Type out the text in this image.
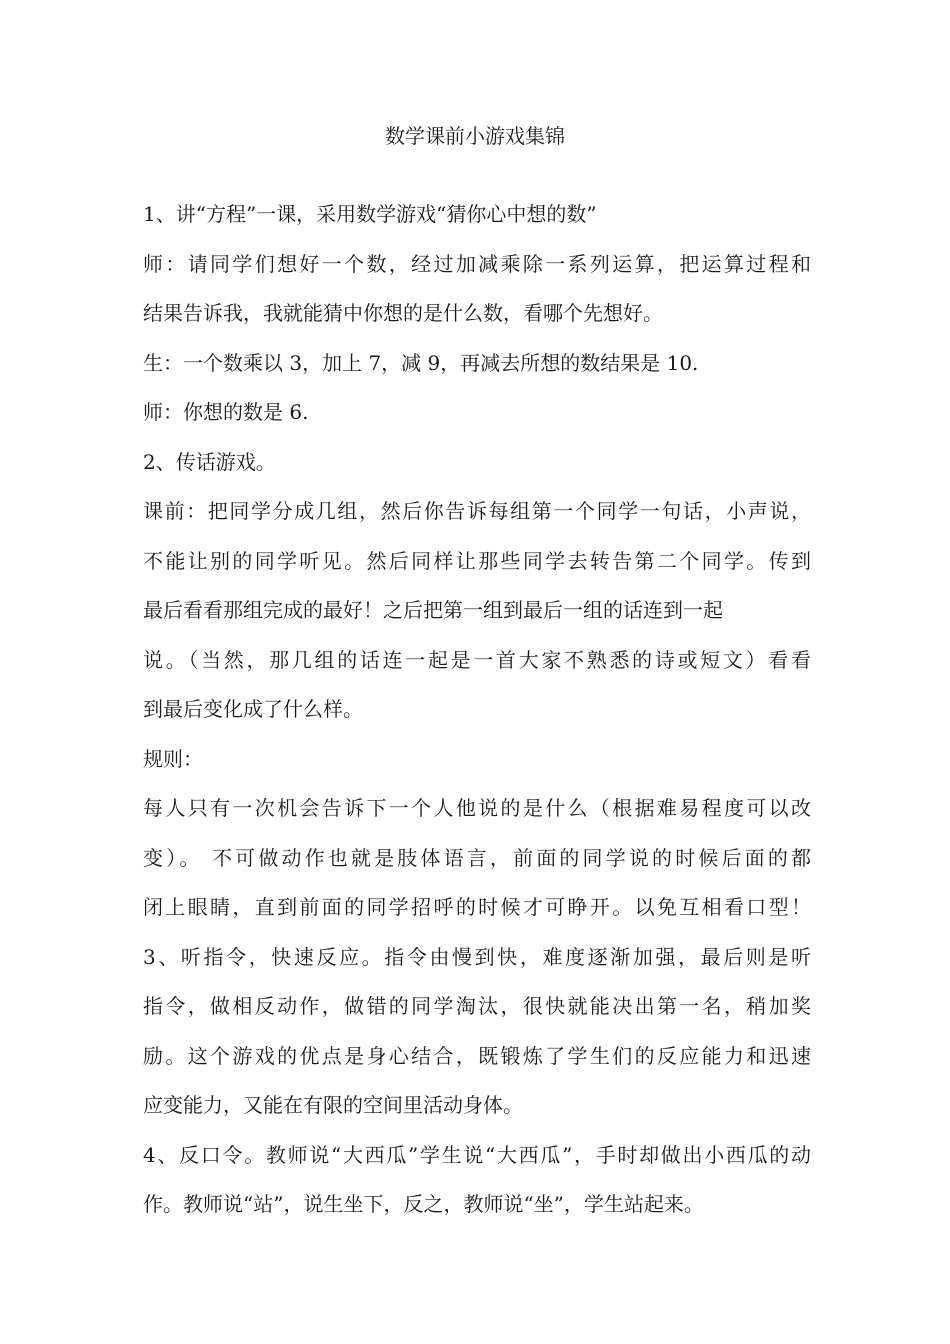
数学课前小游戏集锦
1、讲“方程”一课，采用数学游戏“猜你心中想的数”
师：请同学们想好一个数，经过加减乘除一系列运算，把运算过程和
结果告诉我，我就能猜中你想的是什么数，看哪个先想好。
生：一个数乘以 3，加上 7，减 9，再减去所想的数结果是 10.
师：你想的数是 6.
2、传话游戏。
课前：把同学分成几组，然后你告诉每组第一个同学一句话，小声说，
不能让别的同学听见。然后同样让那些同学去转告第二个同学。传到
最后看看那组完成的最好！之后把第一组到最后一组的话连到一起
说。（当然，那几组的话连一起是一首大家不熟悉的诗或短文）看看
到最后变化成了什么样。
规则：
每人只有一次机会告诉下一个人他说的是什么（根据难易程度可以改
变）。 不可做动作也就是肢体语言，前面的同学说的时候后面的都
闭上眼睛，直到前面的同学招呼的时候才可睁开。以免互相看口型！
3、听指令，快速反应。指令由慢到快，难度逐渐加强，最后则是听
指令，做相反动作，做错的同学淘汰，很快就能决出第一名，稍加奖
励。这个游戏的优点是身心结合，既锻炼了学生们的反应能力和迅速
应变能力，又能在有限的空间里活动身体。
4、反口令。教师说“大西瓜”学生说“大西瓜”，手时却做出小西瓜的动
作。教师说“站”，说生坐下，反之，教师说“坐”，学生站起来。
